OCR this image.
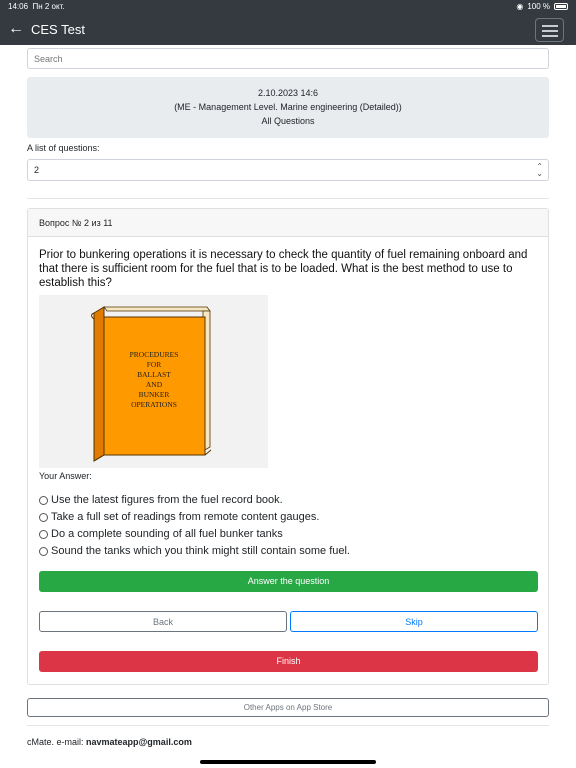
14:06 Пн 2 окт.	◉ 100 %
← CES Test
Search
2.10.2023 14:6
(ME - Management Level. Marine engineering (Detailed))
All Questions
A list of questions:
2	⌃
⌄
Вопрос № 2 из 11
Prior to bunkering operations it is necessary to check the quantity of fuel remaining onboard and that there is sufficient room for the fuel that is to be loaded. What is the best method to use to establish this?
PROCEDURES
FOR
BALLAST
AND
BUNKER
OPERATIONS
Your Answer:
Use the latest figures from the fuel record book.
Take a full set of readings from remote content gauges.
Do a complete sounding of all fuel bunker tanks
Sound the tanks which you think might still contain some fuel.
Answer the question
Back	Skip
Finish
Other Apps on App Store
cMate. e-mail: navmateapp@gmail.com
